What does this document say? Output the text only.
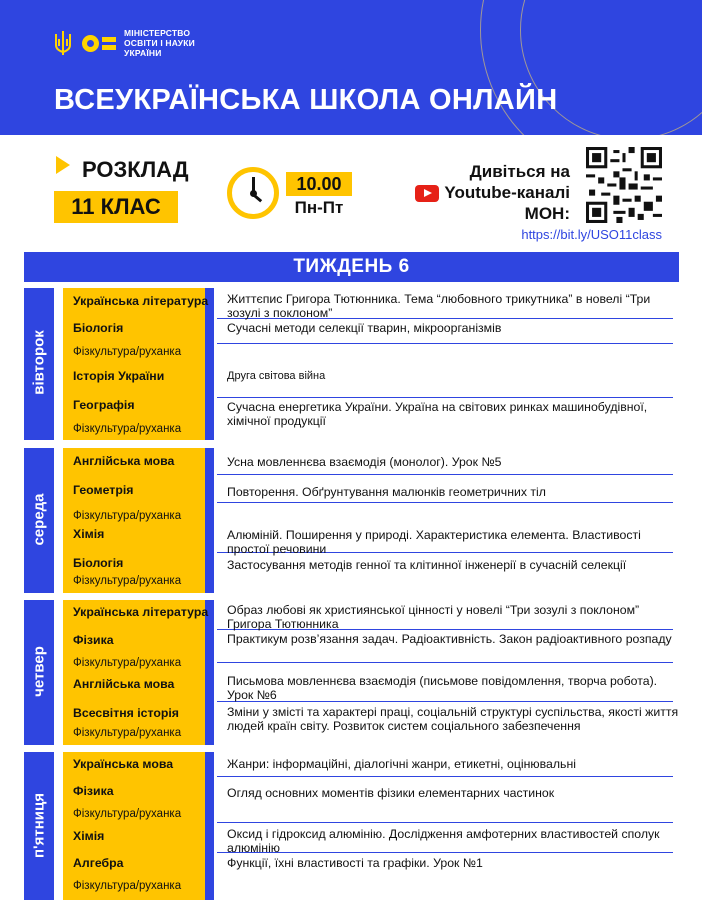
МІНІСТЕРСТВО
ОСВІТИ І НАУКИ
УКРАЇНИ
ВСЕУКРАЇНСЬКА ШКОЛА ОНЛАЙН
РОЗКЛАД
11 КЛАС
10.00
Пн-Пт
Дивіться на
Youtube -каналі
МОН:
https://bit.ly/USO11class
ТИЖДЕНЬ 6
вівторок
Українська література Життєпис Григора Тютюнника. Тема “любовного трикутника” в новелі “Три зозулі з поклоном”
Біологія	Сучасні методи селекції тварин, мікроорганізмів
Фізкультура/руханка
Історія України	Друга світова війна
Географія	Сучасна енергетика України. Україна на світових ринках машинобудівної, хімічної продукції
Фізкультура/руханка
середа
Англійська мова	Усна мовленнєва взаємодія (монолог). Урок №5
Геометрія	Повторення. Обґрунтування малюнків геометричних тіл
Фізкультура/руханка
Хімія	Алюміній. Поширення у природі. Характеристика елемента. Властивості простої речовини
Біологія	Застосування методів генної та клітинної інженерії в сучасній селекції
Фізкультура/руханка
четвер
Українська література Образ любові як християнської цінності у новелі “Три зозулі з поклоном” Григора Тютюнника
Фізика	Практикум розв’язання задач. Радіоактивність. Закон радіоактивного розпаду
Фізкультура/руханка
Англійська мова	Письмова мовленнєва взаємодія (письмове повідомлення, творча робота). Урок №6
Всесвітня історія	Зміни у змісті та характері праці, соціальній структурі суспільства, якості життя людей країн світу. Розвиток систем соціального забезпечення
Фізкультура/руханка
п'ятниця
Українська мова	Жанри: інформаційні, діалогічні жанри, етикетні, оцінювальні
Фізика	Огляд основних моментів фізики елементарних частинок
Фізкультура/руханка
Хімія	Оксид і гідроксид алюмінію. Дослідження амфотерних властивостей сполук алюмінію
Алгебра	Функції, їхні властивості та графіки. Урок №1
Фізкультура/руханка
